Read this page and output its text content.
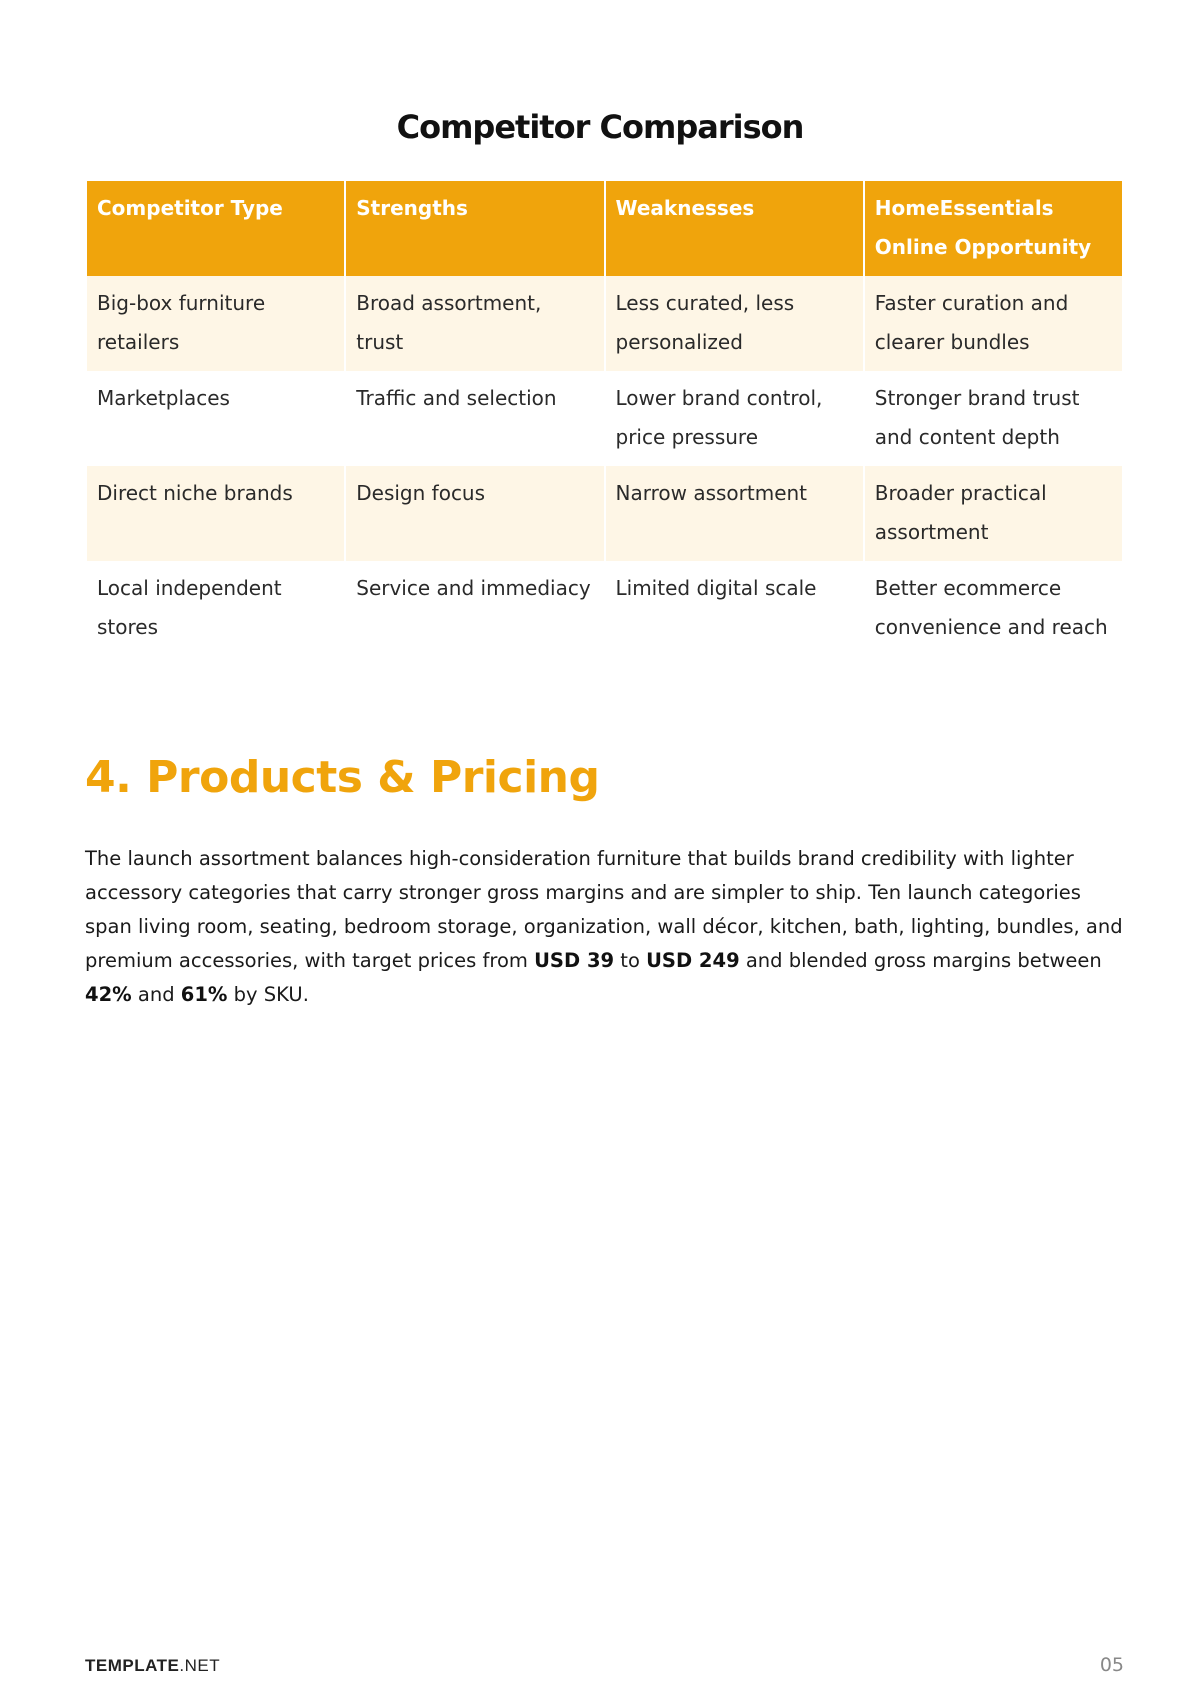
Competitor Comparison
Competitor Type	Strengths	Weaknesses	HomeEssentials Online Opportunity
Big-box furniture retailers	Broad assortment, trust	Less curated, less personalized	Faster curation and clearer bundles
Marketplaces	Traffic and selection	Lower brand control, price pressure	Stronger brand trust and content depth
Direct niche brands	Design focus	Narrow assortment	Broader practical assortment
Local independent stores	Service and immediacy	Limited digital scale	Better ecommerce convenience and reach
4. Products & Pricing

The launch assortment balances high-consideration furniture that builds brand credibility with lighter accessory categories that carry stronger gross margins and are simpler to ship. Ten launch categories span living room, seating, bedroom storage, organization, wall décor, kitchen, bath, lighting, bundles, and premium accessories, with target prices from USD 39 to USD 249 and blended gross margins between 42% and 61% by SKU.

TEMPLATE.NET	05
